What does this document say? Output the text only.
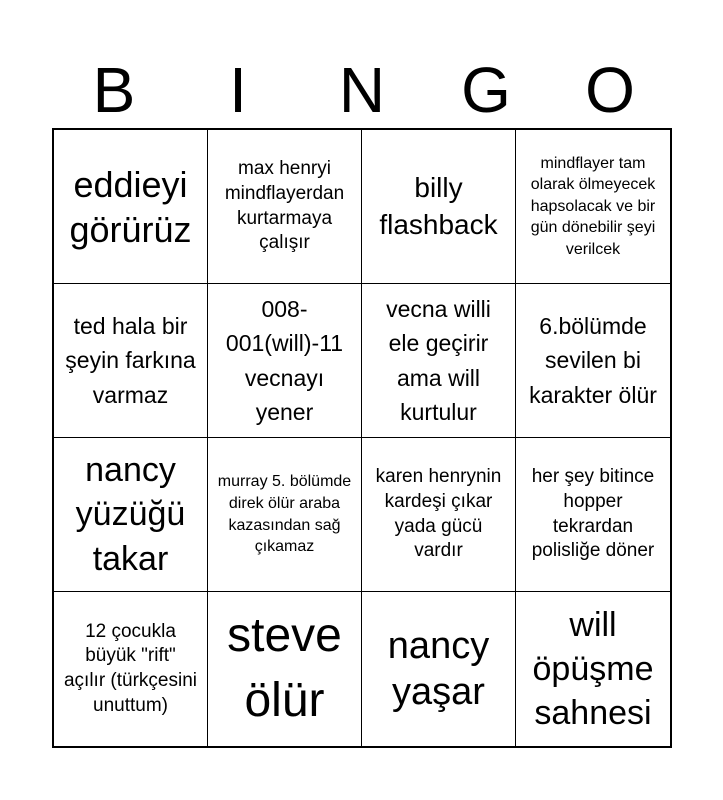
B	I	N	G	O
eddieyi görürüz
max henryi mindflayerdan kurtarmaya çalışır
billy flashback
mindflayer tam olarak ölmeyecek hapsolacak ve bir gün dönebilir şeyi verilcek
ted hala bir şeyin farkına varmaz
008-001(will)-11 vecnayı yener
vecna willi ele geçirir ama will kurtulur
6.bölümde sevilen bi karakter ölür
nancy yüzüğü takar
murray 5. bölümde direk ölür araba kazasından sağ çıkamaz
karen henrynin kardeşi çıkar yada gücü vardır
her şey bitince hopper tekrardan polisliğe döner
12 çocukla büyük "rift" açılır (türkçesini unuttum)
steve ölür
nancy yaşar
will öpüşme sahnesi
